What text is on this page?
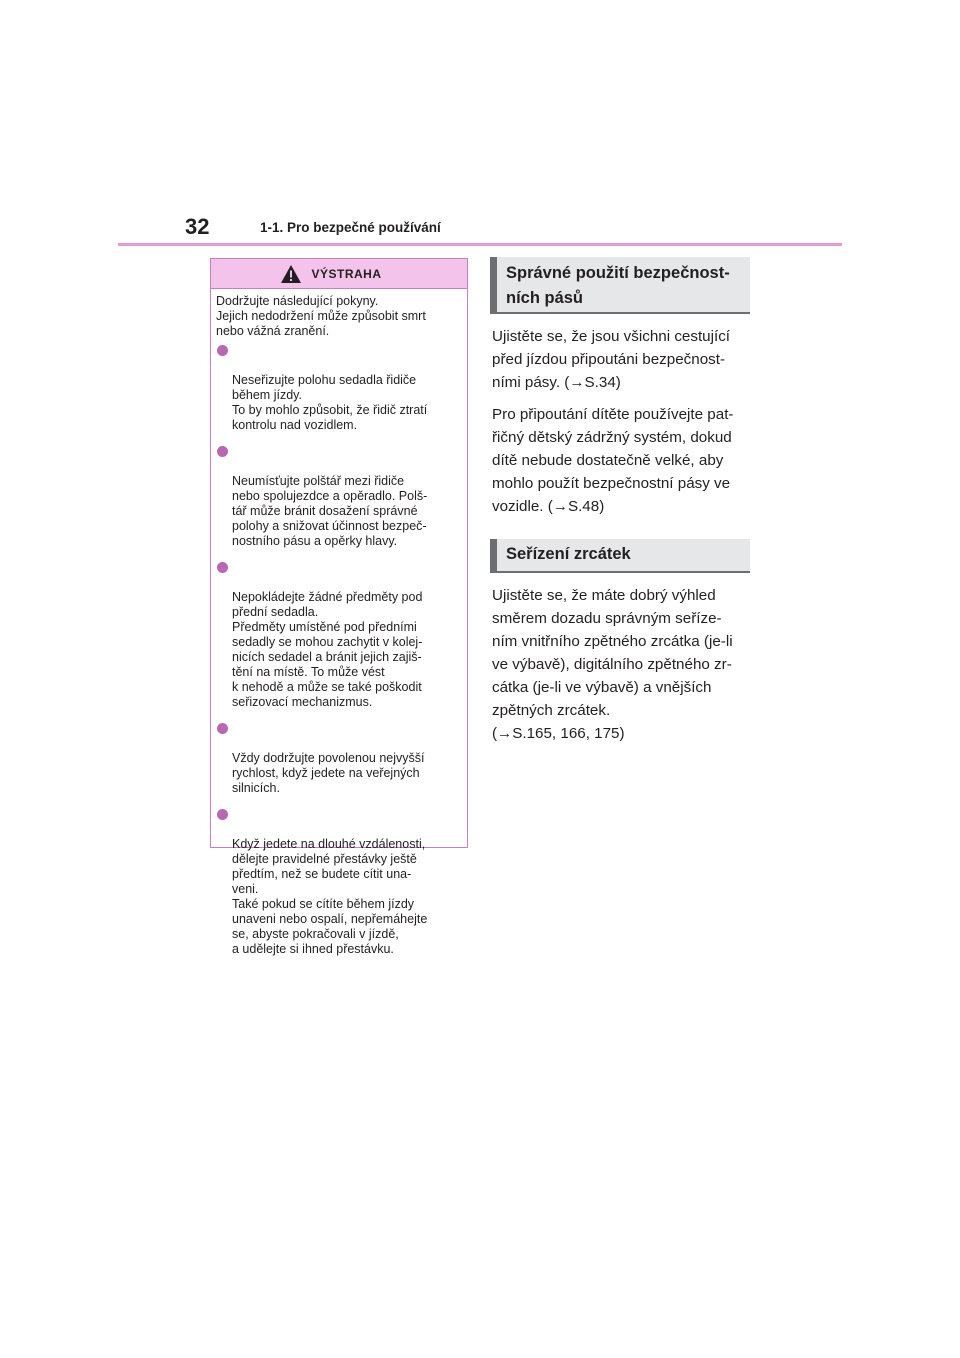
32	1-1. Pro bezpečné používání
VÝSTRAHA

Dodržujte následující pokyny.
Jejich nedodržení může způsobit smrt
nebo vážná zranění.

Neseřizujte polohu sedadla řidiče
během jízdy.
To by mohlo způsobit, že řidič ztratí
kontrolu nad vozidlem.

Neumísťujte polštář mezi řidiče
nebo spolujezdce a opěradlo. Polš-
tář může bránit dosažení správné
polohy a snižovat účinnost bezpeč-
nostního pásu a opěrky hlavy.

Nepokládejte žádné předměty pod
přední sedadla.
Předměty umístěné pod předními
sedadly se mohou zachytit v kolej-
nicích sedadel a bránit jejich zajiš-
tění na místě. To může vést
k nehodě a může se také poškodit
seřizovací mechanizmus.

Vždy dodržujte povolenou nejvyšší
rychlost, když jedete na veřejných
silnicích.

Když jedete na dlouhé vzdálenosti,
dělejte pravidelné přestávky ještě
předtím, než se budete cítit una-
veni.
Také pokud se cítíte během jízdy
unaveni nebo ospalí, nepřemáhejte
se, abyste pokračovali v jízdě,
a udělejte si ihned přestávku.

Správné použití bezpečnost-
ních pásů

Ujistěte se, že jsou všichni cestující
před jízdou připoutáni bezpečnost-
ními pásy. (→S.34)

Pro připoutání dítěte používejte pat-
řičný dětský zádržný systém, dokud
dítě nebude dostatečně velké, aby
mohlo použít bezpečnostní pásy ve
vozidle. (→S.48)

Seřízení zrcátek

Ujistěte se, že máte dobrý výhled
směrem dozadu správným seříze-
ním vnitřního zpětného zrcátka (je-li
ve výbavě), digitálního zpětného zr-
cátka (je-li ve výbavě) a vnějších
zpětných zrcátek.
(→S.165, 166, 175)
